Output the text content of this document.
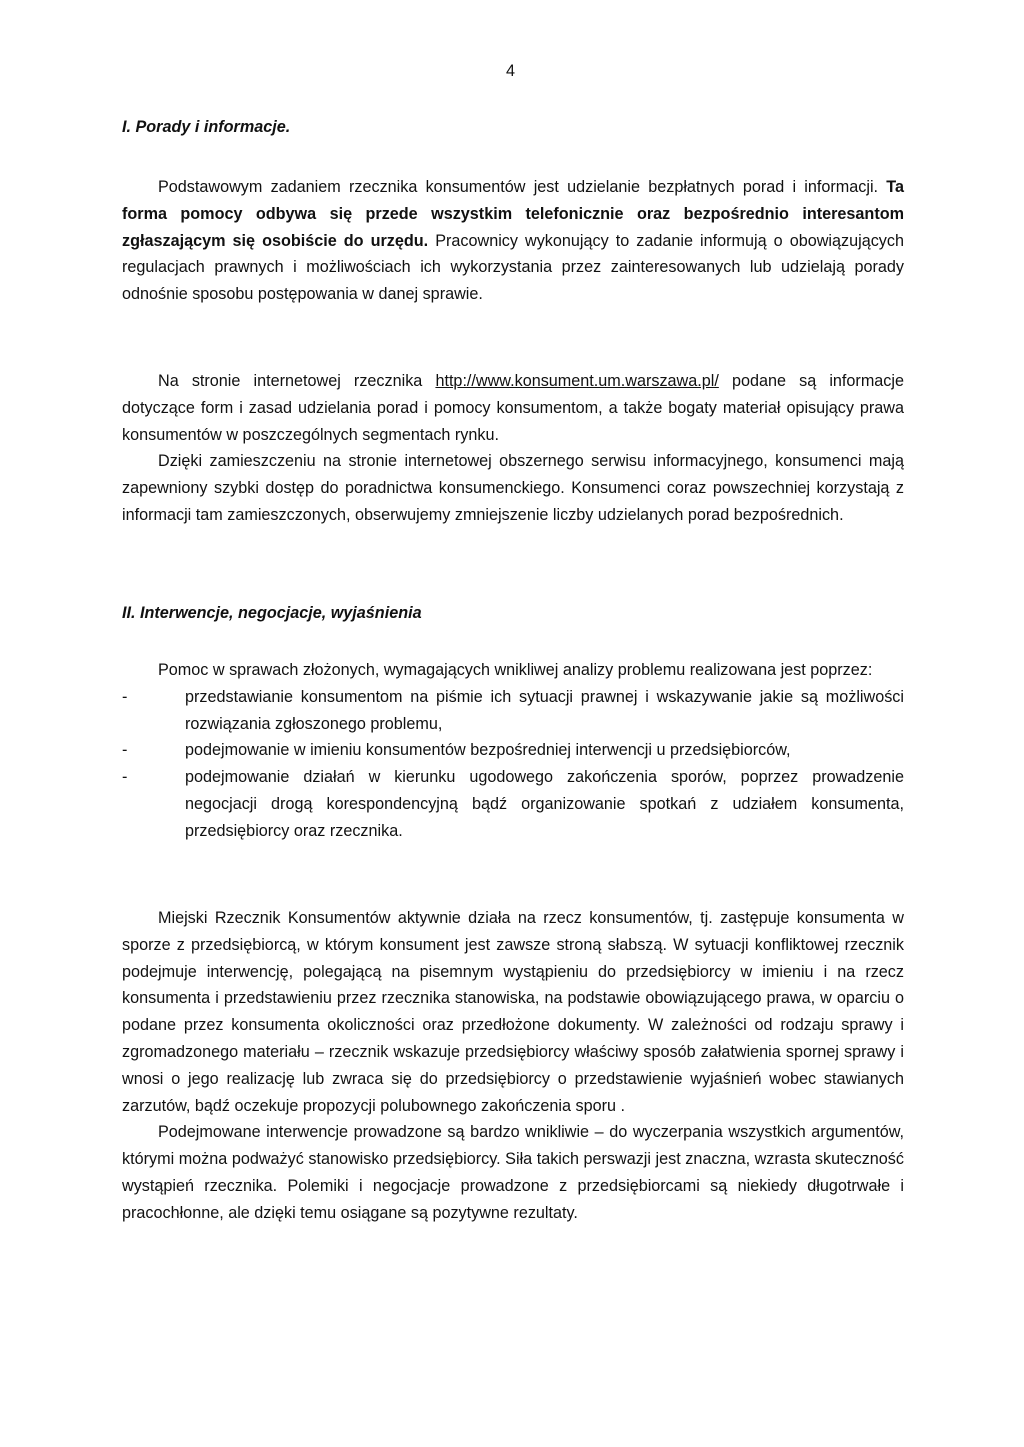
4
I. Porady i informacje.

Podstawowym zadaniem rzecznika konsumentów jest udzielanie bezpłatnych porad i informacji. Ta forma pomocy odbywa się przede wszystkim telefonicznie oraz bezpośrednio interesantom zgłaszającym się osobiście do urzędu. Pracownicy wykonujący to zadanie informują o obowiązujących regulacjach prawnych i możliwościach ich wykorzystania przez zainteresowanych lub udzielają porady odnośnie sposobu postępowania w danej sprawie.

Na stronie internetowej rzecznika http://www.konsument.um.warszawa.pl/ podane są informacje dotyczące form i zasad udzielania porad i pomocy konsumentom, a także bogaty materiał opisujący prawa konsumentów w poszczególnych segmentach rynku.

Dzięki zamieszczeniu na stronie internetowej obszernego serwisu informacyjnego, konsumenci mają zapewniony szybki dostęp do poradnictwa konsumenckiego. Konsumenci coraz powszechniej korzystają z informacji tam zamieszczonych, obserwujemy zmniejszenie liczby udzielanych porad bezpośrednich.

II. Interwencje, negocjacje, wyjaśnienia

Pomoc w sprawach złożonych, wymagających wnikliwej analizy problemu realizowana jest poprzez:

-	przedstawianie konsumentom na piśmie ich sytuacji prawnej i wskazywanie jakie są możliwości rozwiązania zgłoszonego problemu,
-	podejmowanie w imieniu konsumentów bezpośredniej interwencji u przedsiębiorców,
-	podejmowanie działań w kierunku ugodowego zakończenia sporów, poprzez prowadzenie negocjacji drogą korespondencyjną bądź organizowanie spotkań z udziałem konsumenta, przedsiębiorcy oraz rzecznika.

Miejski Rzecznik Konsumentów aktywnie działa na rzecz konsumentów, tj. zastępuje konsumenta w sporze z przedsiębiorcą, w którym konsument jest zawsze stroną słabszą. W sytuacji konfliktowej rzecznik podejmuje interwencję, polegającą na pisemnym wystąpieniu do przedsiębiorcy w imieniu i na rzecz konsumenta i przedstawieniu przez rzecznika stanowiska, na podstawie obowiązującego prawa, w oparciu o podane przez konsumenta okoliczności oraz przedłożone dokumenty. W zależności od rodzaju sprawy i zgromadzonego materiału – rzecznik wskazuje przedsiębiorcy właściwy sposób załatwienia spornej sprawy i wnosi o jego realizację lub zwraca się do przedsiębiorcy o przedstawienie wyjaśnień wobec stawianych zarzutów, bądź oczekuje propozycji polubownego zakończenia sporu .

Podejmowane interwencje prowadzone są bardzo wnikliwie – do wyczerpania wszystkich argumentów, którymi można podważyć stanowisko przedsiębiorcy. Siła takich perswazji jest znaczna, wzrasta skuteczność wystąpień rzecznika. Polemiki i negocjacje prowadzone z przedsiębiorcami są niekiedy długotrwałe i pracochłonne, ale dzięki temu osiągane są pozytywne rezultaty.
